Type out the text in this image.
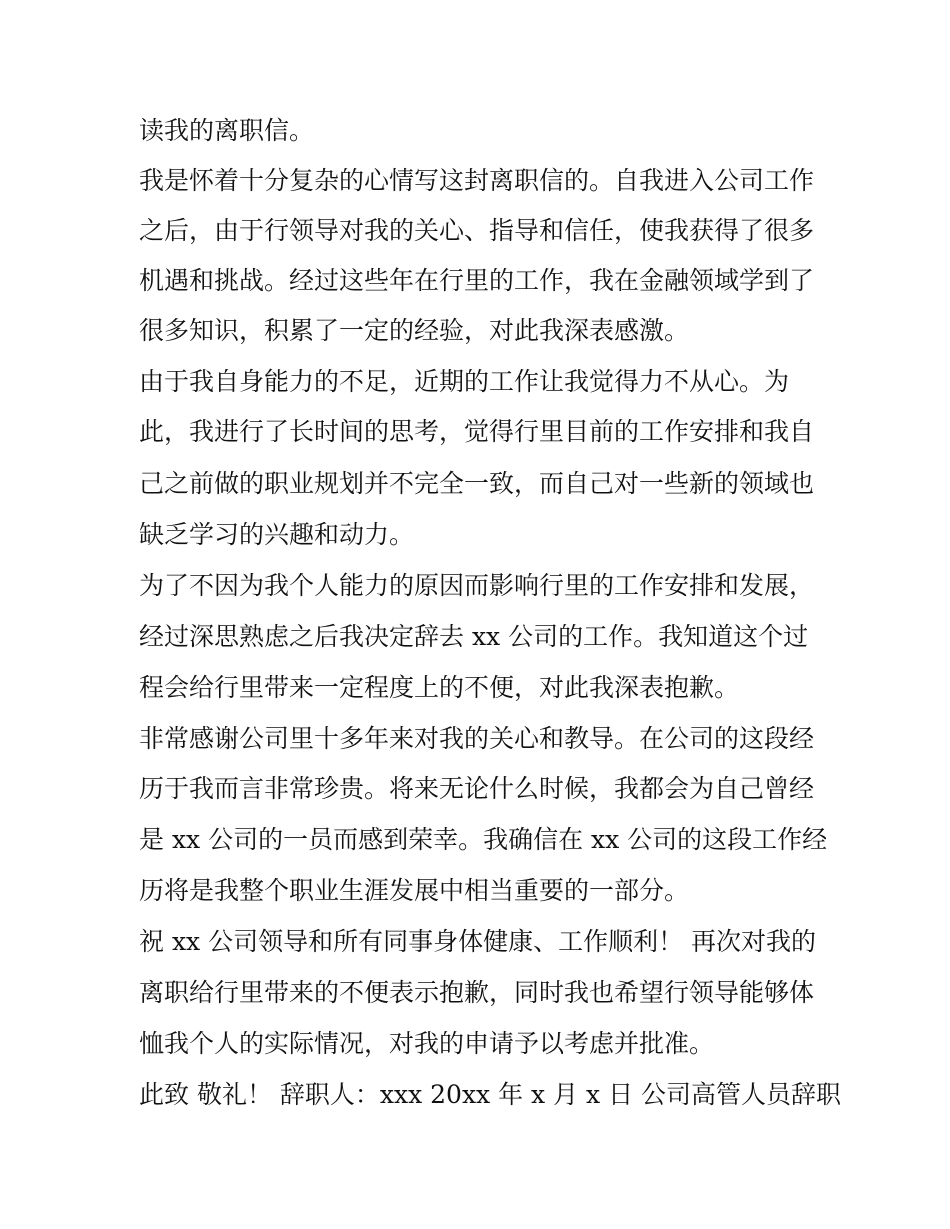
读我的离职信。
我是怀着十分复杂的心情写这封离职信的。自我进入公司工作
之后，由于行领导对我的关心、指导和信任，使我获得了很多
机遇和挑战。经过这些年在行里的工作，我在金融领域学到了
很多知识，积累了一定的经验，对此我深表感激。
由于我自身能力的不足，近期的工作让我觉得力不从心。为
此，我进行了长时间的思考，觉得行里目前的工作安排和我自
己之前做的职业规划并不完全一致，而自己对一些新的领域也
缺乏学习的兴趣和动力。
为了不因为我个人能力的原因而影响行里的工作安排和发展，
经过深思熟虑之后我决定辞去 xx 公司的工作。我知道这个过
程会给行里带来一定程度上的不便，对此我深表抱歉。
非常感谢公司里十多年来对我的关心和教导。在公司的这段经
历于我而言非常珍贵。将来无论什么时候，我都会为自己曾经
是 xx 公司的一员而感到荣幸。我确信在 xx 公司的这段工作经
历将是我整个职业生涯发展中相当重要的一部分。
祝 xx 公司领导和所有同事身体健康、工作顺利！ 再次对我的
离职给行里带来的不便表示抱歉，同时我也希望行领导能够体
恤我个人的实际情况，对我的申请予以考虑并批准。
此致 敬礼！ 辞职人：xxx 20xx 年 x 月 x 日 公司高管人员辞职
